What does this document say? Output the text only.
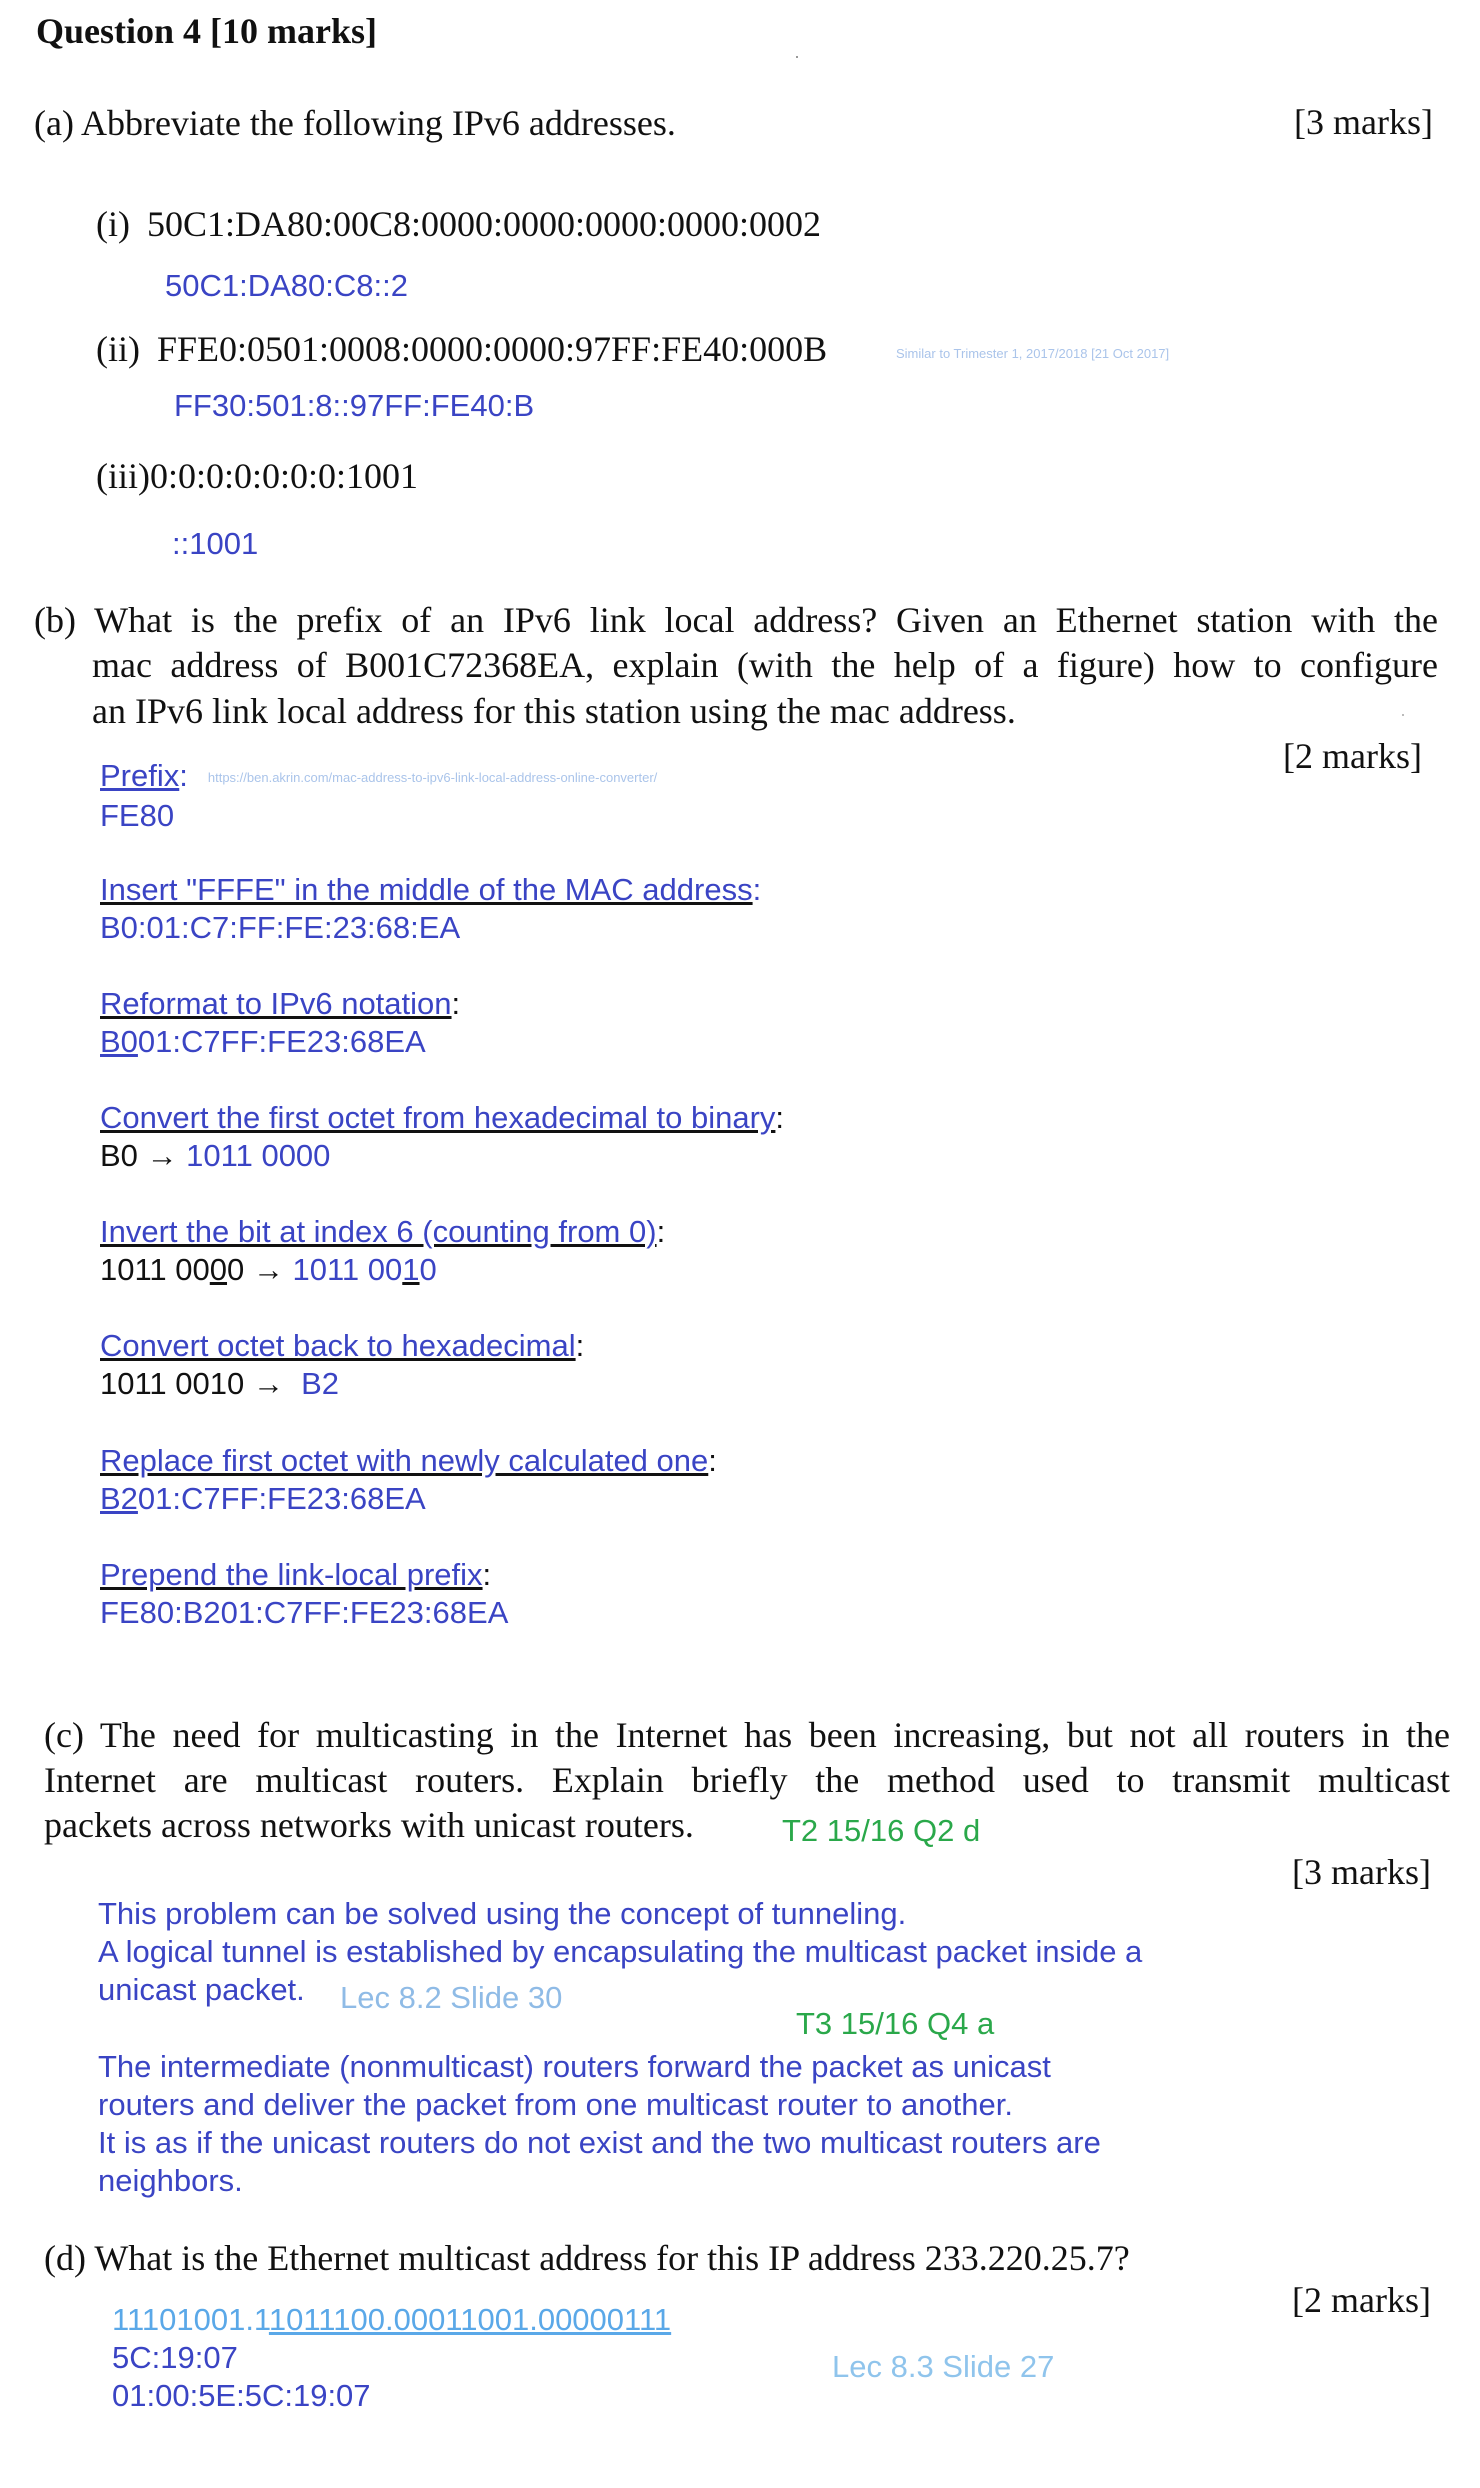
Question 4 [10 marks]
(a) Abbreviate the following IPv6 addresses.	[3 marks]
(i) 50C1:DA80:00C8:0000:0000:0000:0000:0002
50C1:DA80:C8::2
(ii) FFE0:0501:0008:0000:0000:97FF:FE40:000B	Similar to Trimester 1, 2017/2018 [21 Oct 2017]
FF30:501:8::97FF:FE40:B
(iii)0:0:0:0:0:0:0:1001
::1001
(b) What is the prefix of an IPv6 link local address? Given an Ethernet station with the
mac address of B001C72368EA, explain (with the help of a figure) how to configure
an IPv6 link local address for this station using the mac address.
[2 marks]
Prefix: https://ben.akrin.com/mac-address-to-ipv6-link-local-address-online-converter/
FE80
Insert "FFFE" in the middle of the MAC address:
B0:01:C7:FF:FE:23:68:EA
Reformat to IPv6 notation:
B001:C7FF:FE23:68EA
Convert the first octet from hexadecimal to binary:
B0 → 1011 0000
Invert the bit at index 6 (counting from 0):
1011 0000 → 1011 0010
Convert octet back to hexadecimal:
1011 0010 → B2
Replace first octet with newly calculated one:
B201:C7FF:FE23:68EA
Prepend the link-local prefix:
FE80:B201:C7FF:FE23:68EA
(c) The need for multicasting in the Internet has been increasing, but not all routers in the
Internet are multicast routers. Explain briefly the method used to transmit multicast
packets across networks with unicast routers.	T2 15/16 Q2 d
[3 marks]
This problem can be solved using the concept of tunneling.
A logical tunnel is established by encapsulating the multicast packet inside a
unicast packet. Lec 8.2 Slide 30
T3 15/16 Q4 a
The intermediate (nonmulticast) routers forward the packet as unicast
routers and deliver the packet from one multicast router to another.
It is as if the unicast routers do not exist and the two multicast routers are
neighbors.
(d) What is the Ethernet multicast address for this IP address 233.220.25.7?
[2 marks]
11101001.11011100.00011001.00000111
5C:19:07
01:00:5E:5C:19:07
Lec 8.3 Slide 27
